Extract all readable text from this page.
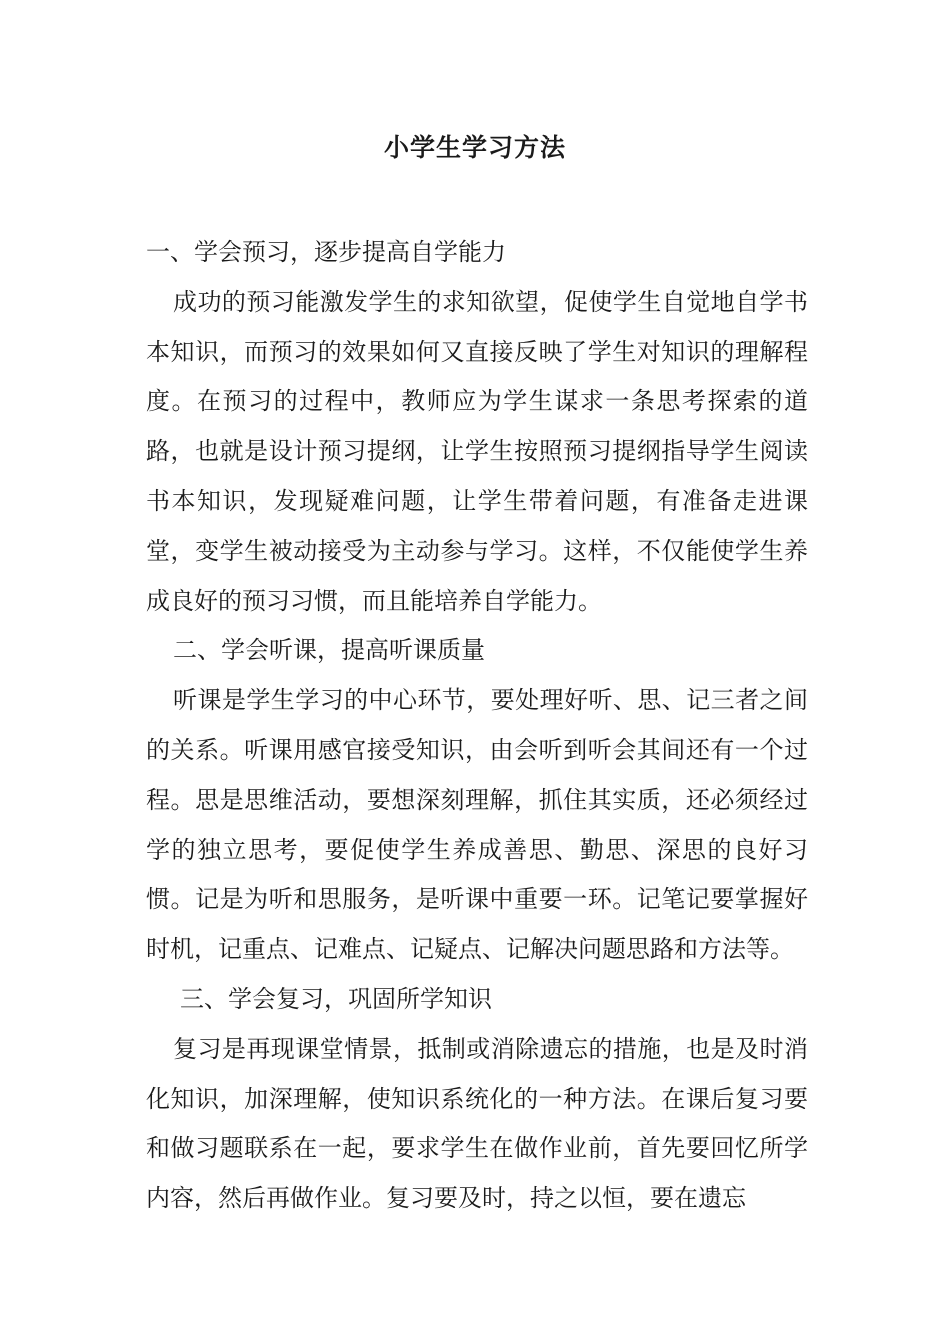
小学生学习方法

一、学会预习，逐步提高自学能力

成功的预习能激发学生的求知欲望，促使学生自觉地自学书本知识，而预习的效果如何又直接反映了学生对知识的理解程度。在预习的过程中，教师应为学生谋求一条思考探索的道路，也就是设计预习提纲，让学生按照预习提纲指导学生阅读书本知识，发现疑难问题，让学生带着问题，有准备走进课堂，变学生被动接受为主动参与学习。这样，不仅能使学生养成良好的预习习惯，而且能培养自学能力。

二、学会听课，提高听课质量

听课是学生学习的中心环节，要处理好听、思、记三者之间的关系。听课用感官接受知识，由会听到听会其间还有一个过程。思是思维活动，要想深刻理解，抓住其实质，还必须经过学的独立思考，要促使学生养成善思、勤思、深思的良好习惯。记是为听和思服务，是听课中重要一环。记笔记要掌握好时机，记重点、记难点、记疑点、记解决问题思路和方法等。

三、学会复习，巩固所学知识

复习是再现课堂情景，抵制或消除遗忘的措施，也是及时消化知识，加深理解，使知识系统化的一种方法。在课后复习要和做习题联系在一起，要求学生在做作业前，首先要回忆所学内容，然后再做作业。复习要及时，持之以恒，要在遗忘
